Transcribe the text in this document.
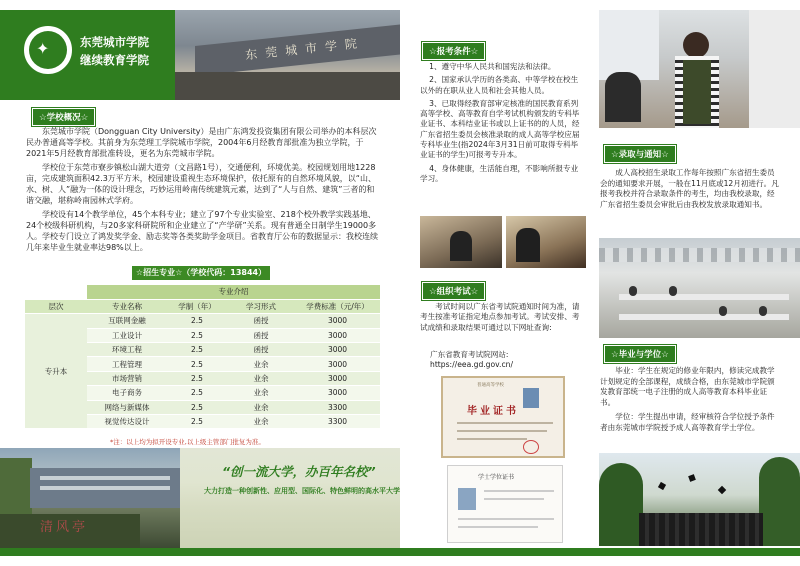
东莞城市学院
✦	东莞城市学院
继续教育学院
☆学校概况☆

东莞城市学院（Dongguan City University）是由广东鸿发投资集团有限公司举办的本科层次民办普通高等学校。其前身为东莞理工学院城市学院，2004年6月经教育部批准为独立学院，于2021年5月经教育部批准转设，更名为东莞城市学院。

学校位于东莞市寮步镇松山湖大道旁（文昌路1号），交通便利，环境优美。校园规划用地1228亩，完成建筑面积42.3万平方米，校园建设重视生态环境保护，依托原有的自然环境风貌，以“山、水、树、人”融为一体的设计理念，巧妙运用岭南传统建筑元素，达到了“人与自然、建筑”三者的和谐交融，堪称岭南园林式学府。

学校设有14个教学单位，45个本科专业；建立了97个专业实验室、218个校外教学实践基地、24个校级科研机构，与20多家科研院所和企业建立了“产学研”关系。现有普通全日制学生19000多人。学校专门设立了鸿发奖学金、励志奖等各类奖助学金项目。省教育厅公布的数据显示：我校连续几年来毕业生就业率达98%以上。

☆招生专业☆（学校代码：13844）
	专业介绍			
层次	专业名称	学制（年）	学习形式	学费标准（元/年）
专升本	互联网金融	2.5	函授	3000
	工业设计	2.5	函授	3000
	环境工程	2.5	函授	3000
	工程管理	2.5	业余	3000
	市场营销	2.5	业余	3000
	电子商务	2.5	业余	3000
	网络与新媒体	2.5	业余	3300
	视觉传达设计	2.5	业余	3300
*注：以上均为拟开设专业,以上级主管部门批复为准。
“创一流大学，办百年名校”
大力打造一种创新性、应用型、国际化、特色鲜明的高水平大学
清风亭
☆报考条件☆

1、遵守中华人民共和国宪法和法律。

2、国家承认学历的各类高、中等学校在校生以外的在职从业人员和社会其他人员。

3、已取得经教育部审定核准的国民教育系列高等学校、高等教育自学考试机构颁发的专科毕业证书、本科结业证书或以上证书的的人员，经广东省招生委员会核准录取的成人高等学校应届专科毕业生(指2024年3月31日前可取得专科毕业证书的学生)可报考专升本。

4、身体健康，生活能自理，不影响所报专业学习。

☆组织考试☆
考试时间以广东省考试院通知时间为准，请考生按准考证指定地点参加考试。考试安排、考试成绩和录取结果可通过以下网址查询:
广东省教育考试院网站:
https://eea.gd.gov.cn/
普通高等学校
毕业证书
学士学位证书
☆录取与通知☆
成人高校招生录取工作每年按照广东省招生委员会的通知要求开展，一般在11月底或12月初进行。凡报考我校并符合录取条件的考生，均由我校录取，经广东省招生委员会审批后由我校发放录取通知书。
☆毕业与学位☆
毕业：学生在规定的修业年限内，修读完成教学计划规定的全部课程，成绩合格，由东莞城市学院颁发教育部统一电子注册的成人高等教育本科毕业证书。
学位：学生提出申请，经审核符合学位授予条件者由东莞城市学院授予成人高等教育学士学位。
